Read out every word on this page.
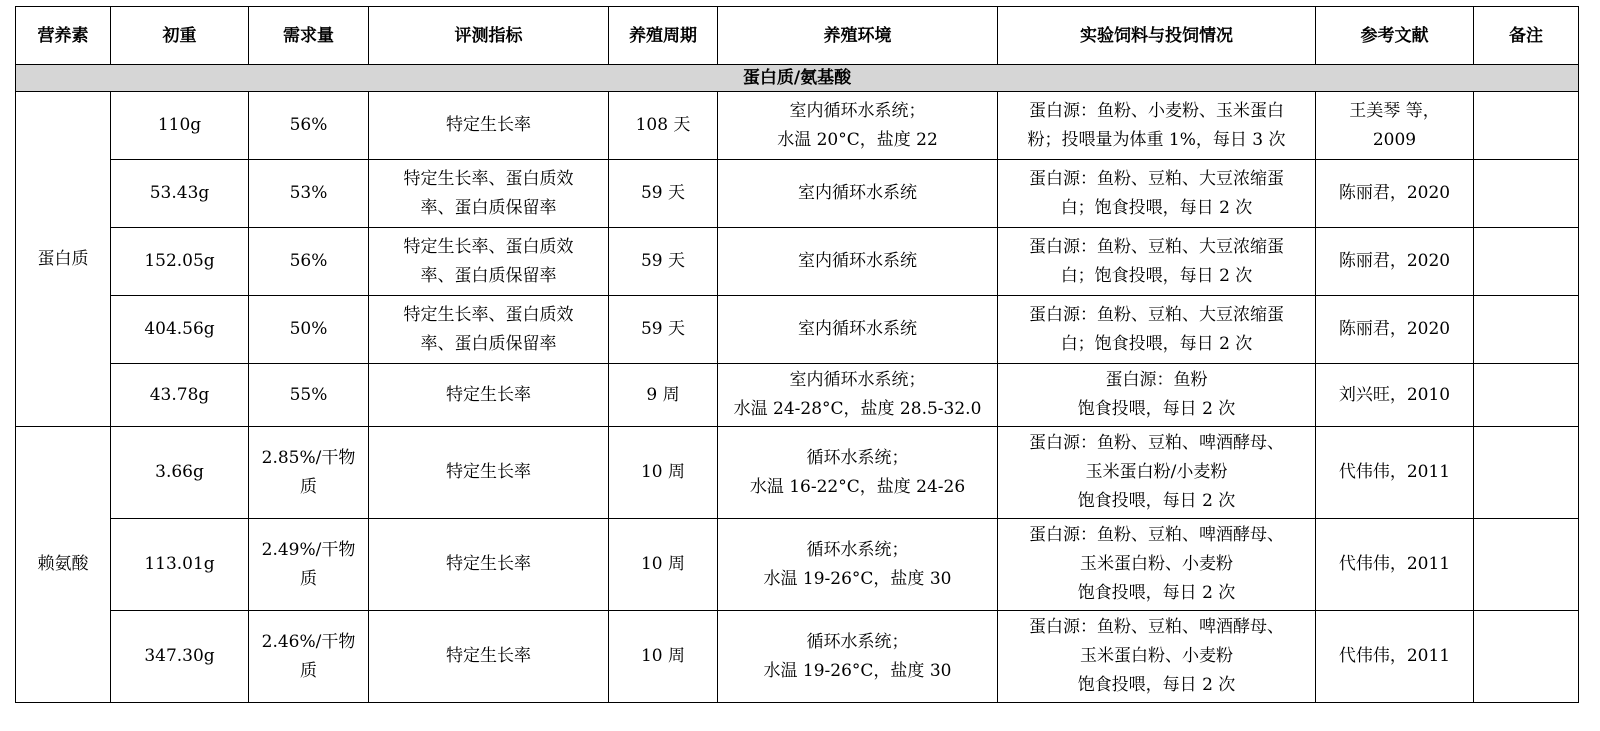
营养素	初重	需求量	评测指标	养殖周期	养殖环境	实验饲料与投饲情况	参考文献	备注
蛋白质/氨基酸								
蛋白质	110g	56%	特定生长率	108 天	室内循环水系统；
水温 20°C，盐度 22	蛋白源：鱼粉、小麦粉、玉米蛋白
粉；投喂量为体重 1%，每日 3 次	王美琴 等，
2009	

	53.43g	53%	特定生长率、蛋白质效
率、蛋白质保留率	59 天	室内循环水系统	蛋白源：鱼粉、豆粕、大豆浓缩蛋
白；饱食投喂，每日 2 次	陈丽君，2020	

	152.05g	56%	特定生长率、蛋白质效
率、蛋白质保留率	59 天	室内循环水系统	蛋白源：鱼粉、豆粕、大豆浓缩蛋
白；饱食投喂，每日 2 次	陈丽君，2020	

	404.56g	50%	特定生长率、蛋白质效
率、蛋白质保留率	59 天	室内循环水系统	蛋白源：鱼粉、豆粕、大豆浓缩蛋
白；饱食投喂，每日 2 次	陈丽君，2020	

	43.78g	55%	特定生长率	9 周	室内循环水系统；
水温 24-28°C，盐度 28.5-32.0	蛋白源：鱼粉
饱食投喂，每日 2 次	刘兴旺，2010	

赖氨酸	3.66g	2.85%/干物
质	特定生长率	10 周	循环水系统；
水温 16-22°C，盐度 24-26	蛋白源：鱼粉、豆粕、啤酒酵母、
玉米蛋白粉/小麦粉
饱食投喂，每日 2 次	代伟伟，2011	

	113.01g	2.49%/干物
质	特定生长率	10 周	循环水系统；
水温 19-26°C，盐度 30	蛋白源：鱼粉、豆粕、啤酒酵母、
玉米蛋白粉、小麦粉
饱食投喂，每日 2 次	代伟伟，2011	

	347.30g	2.46%/干物
质	特定生长率	10 周	循环水系统；
水温 19-26°C，盐度 30	蛋白源：鱼粉、豆粕、啤酒酵母、
玉米蛋白粉、小麦粉
饱食投喂，每日 2 次	代伟伟，2011	
